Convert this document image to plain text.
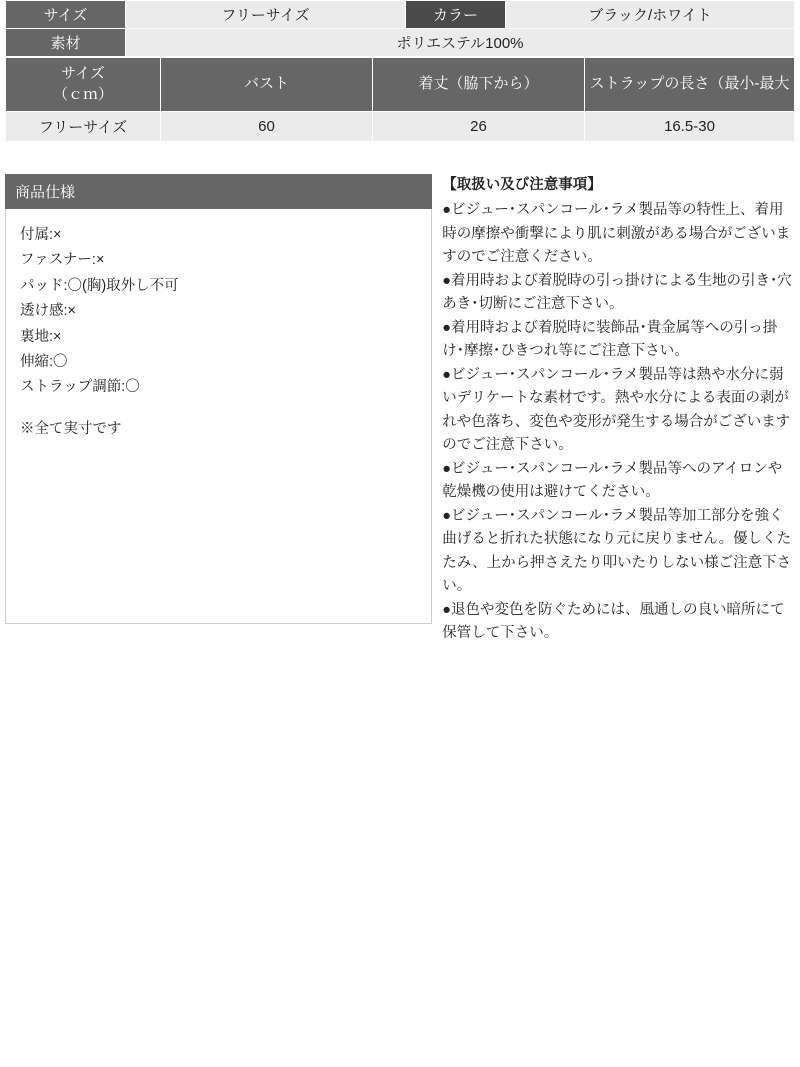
サイズ	フリーサイズ	カラー	ブラック/ホワイト
素材	ポリエステル100%		
サイズ
（ｃｍ）	バスト	着丈（脇下から）	ストラップの長さ（最小-最大
フリーサイズ	60	26	16.5-30
商品仕様
付属:×
ファスナー:×
パッド:〇(胸)取外し不可
透け感:×
裏地:×
伸縮:〇
ストラップ調節:〇
※全て実寸です
【取扱い及び注意事項】
●ビジュー･スパンコール･ラメ製品等の特性上、着用時の摩擦や衝撃により肌に刺激がある場合がございますのでご注意ください。
●着用時および着脱時の引っ掛けによる生地の引き･穴あき･切断にご注意下さい。
●着用時および着脱時に装飾品･貴金属等への引っ掛け･摩擦･ひきつれ等にご注意下さい。
●ビジュー･スパンコール･ラメ製品等は熱や水分に弱いデリケートな素材です。熱や水分による表面の剥がれや色落ち、変色や変形が発生する場合がございますのでご注意下さい。
●ビジュー･スパンコール･ラメ製品等へのアイロンや乾燥機の使用は避けてください。
●ビジュー･スパンコール･ラメ製品等加工部分を強く曲げると折れた状態になり元に戻りません。優しくたたみ、上から押さえたり叩いたりしない様ご注意下さい。
●退色や変色を防ぐためには、風通しの良い暗所にて保管して下さい。
